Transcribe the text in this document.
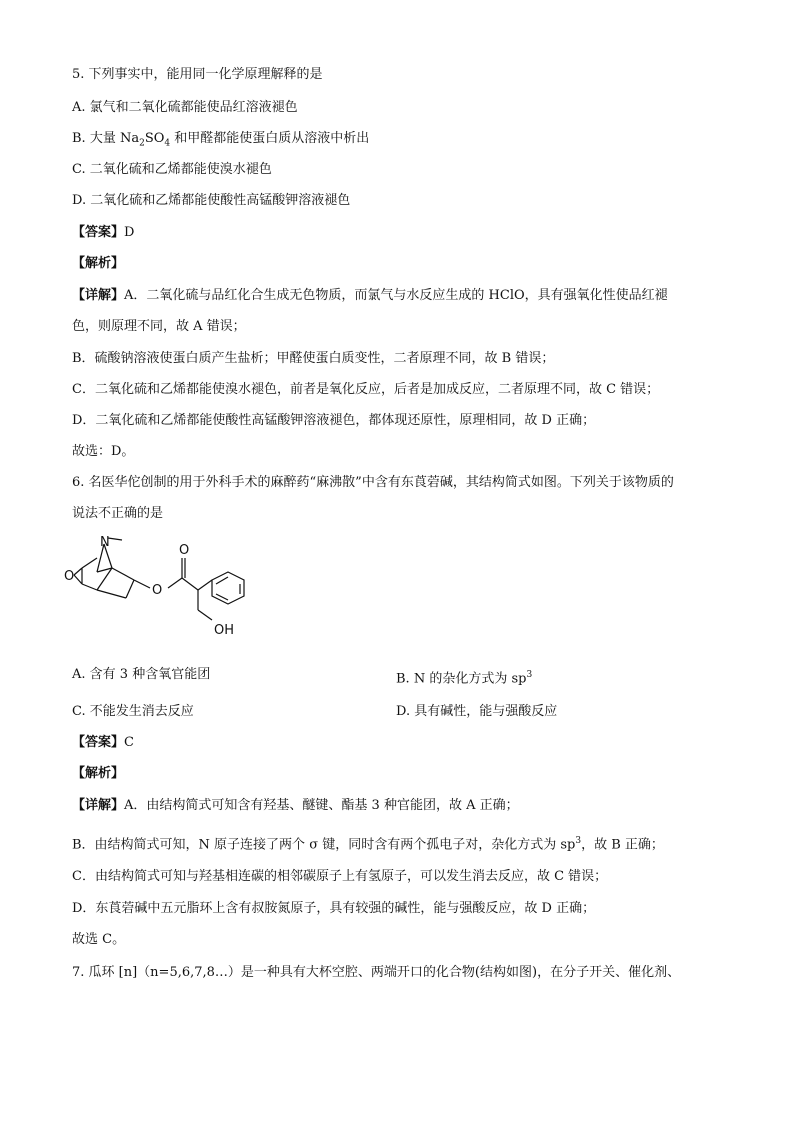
5. 下列事实中，能用同一化学原理解释的是
A. 氯气和二氧化硫都能使品红溶液褪色
B. 大量 $Na_2SO_4$ 和甲醛都能使蛋白质从溶液中析出
C. 二氧化硫和乙烯都能使溴水褪色
D. 二氧化硫和乙烯都能使酸性高锰酸钾溶液褪色
【答案】D
【解析】
【详解】A．二氧化硫与品红化合生成无色物质，而氯气与水反应生成的 HClO，具有强氧化性使品红褪
色，则原理不同，故 A 错误；
B．硫酸钠溶液使蛋白质产生盐析；甲醛使蛋白质变性，二者原理不同，故 B 错误；
C．二氧化硫和乙烯都能使溴水褪色，前者是氧化反应，后者是加成反应，二者原理不同，故 C 错误；
D．二氧化硫和乙烯都能使酸性高锰酸钾溶液褪色，都体现还原性，原理相同，故 D 正确；
故选：D。
6. 名医华佗创制的用于外科手术的麻醉药“麻沸散”中含有东莨菪碱，其结构简式如图。下列关于该物质的
说法不正确的是
N
O
O
O
OH
A. 含有 3 种含氧官能团	B. N 的杂化方式为 $sp^3$
C. 不能发生消去反应	D. 具有碱性，能与强酸反应
【答案】C
【解析】
【详解】A．由结构简式可知含有羟基、醚键、酯基 3 种官能团，故 A 正确；
B．由结构简式可知，N 原子连接了两个 σ 键，同时含有两个孤电子对，杂化方式为 $sp^3$，故 B 正确；
C．由结构简式可知与羟基相连碳的相邻碳原子上有氢原子，可以发生消去反应，故 C 错误；
D．东莨菪碱中五元脂环上含有叔胺氮原子，具有较强的碱性，能与强酸反应，故 D 正确；
故选 C。
7. 瓜环 [n]（n=5,6,7,8…）是一种具有大杯空腔、两端开口的化合物(结构如图)，在分子开关、催化剂、
